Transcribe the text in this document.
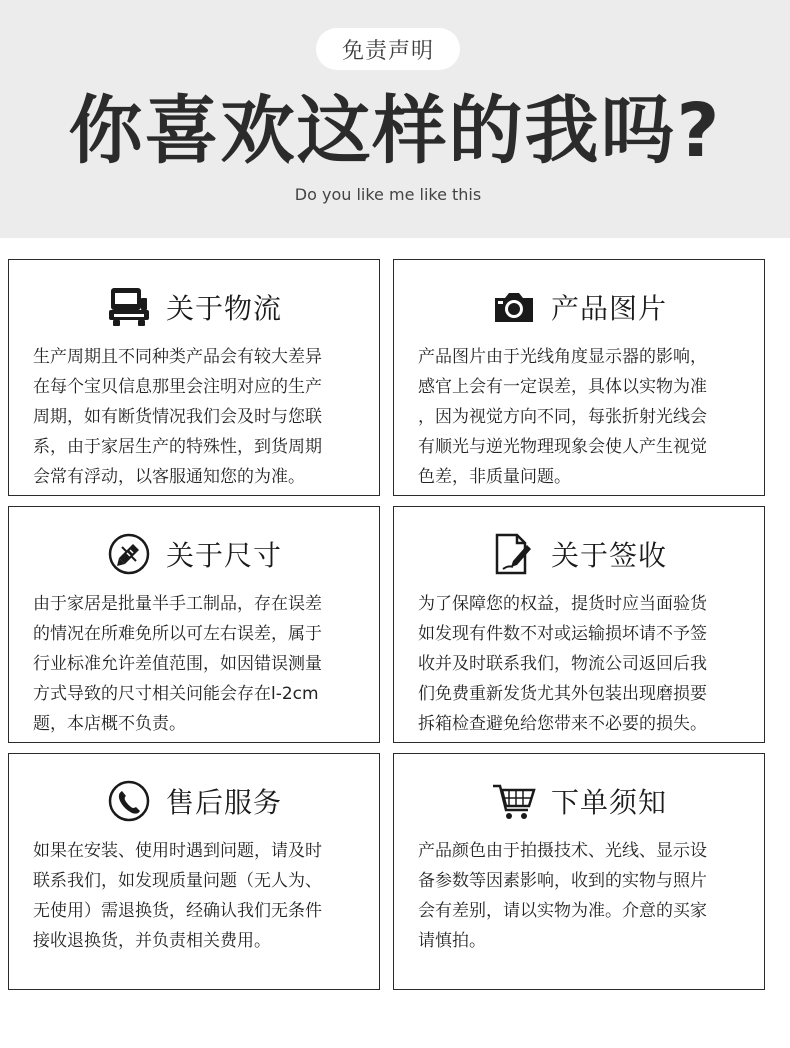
免责声明
你喜欢这样的我吗?
Do you like me like this
关于物流
生产周期且不同种类产品会有较大差异
在每个宝贝信息那里会注明对应的生产
周期，如有断货情况我们会及时与您联
系，由于家居生产的特殊性，到货周期
会常有浮动，以客服通知您的为准。
产品图片
产品图片由于光线角度显示器的影响，
感官上会有一定误差，具体以实物为准
，因为视觉方向不同，每张折射光线会
有顺光与逆光物理现象会使人产生视觉
色差，非质量问题。
关于尺寸
由于家居是批量半手工制品，存在误差
的情况在所难免所以可左右误差，属于
行业标准允许差值范围，如因错误测量
方式导致的尺寸相关问能会存在l-2cm
题，本店概不负责。
关于签收
为了保障您的权益，提货时应当面验货
如发现有件数不对或运输损坏请不予签
收并及时联系我们，物流公司返回后我
们免费重新发货尤其外包装出现磨损要
拆箱检查避免给您带来不必要的损失。
售后服务
如果在安装、使用时遇到问题，请及时
联系我们，如发现质量问题（无人为、
无使用）需退换货，经确认我们无条件
接收退换货，并负责相关费用。
下单须知
产品颜色由于拍摄技术、光线、显示设
备参数等因素影响，收到的实物与照片
会有差别，请以实物为准。介意的买家
请慎拍。
